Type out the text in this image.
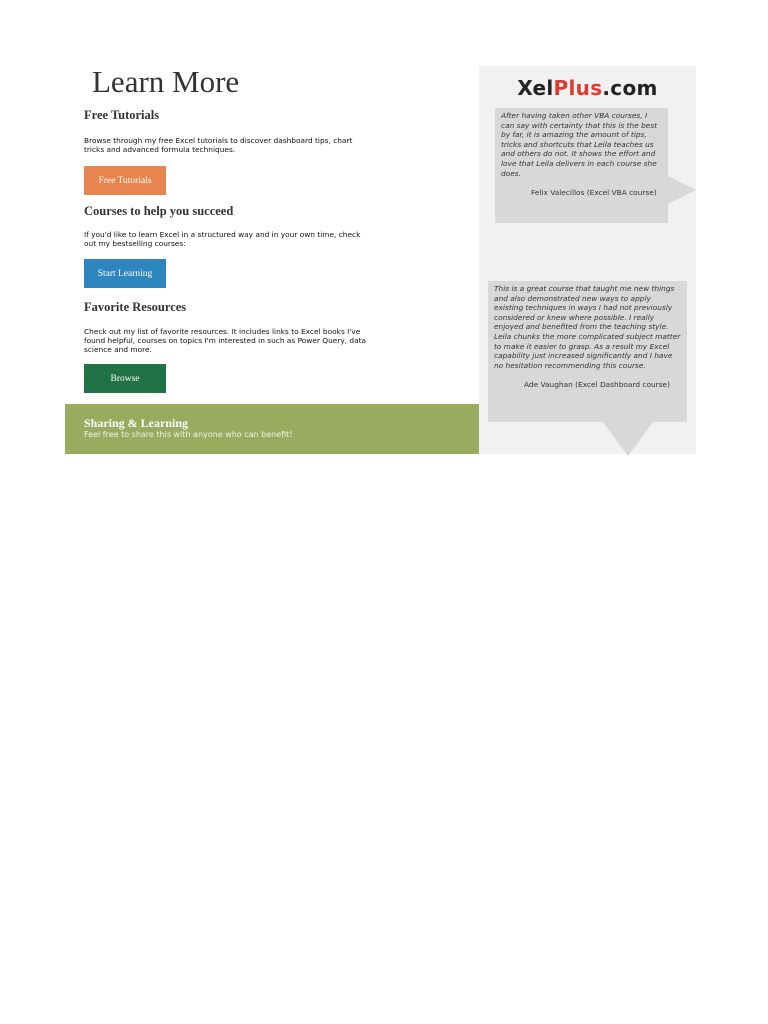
Learn More
Free Tutorials

Browse through my free Excel tutorials to discover dashboard tips, chart tricks and advanced formula techniques.

Free Tutorials
Courses to help you succeed

If you'd like to learn Excel in a structured way and in your own time, check out my bestselling courses:

Start Learning
Favorite Resources

Check out my list of favorite resources. It includes links to Excel books I've found helpful, courses on topics I'm interested in such as Power Query, data science and more.

Browse

Sharing & Learning

Feel free to share this with anyone who can benefit!

XelPlus.com

After having taken other VBA courses, I can say with certainty that this is the best by far, it is amazing the amount of tips, tricks and shortcuts that Leila teaches us and others do not. It shows the effort and love that Leila delivers in each course she does.

Felix Valecillos (Excel VBA course)

This is a great course that taught me new things and also demonstrated new ways to apply existing techniques in ways I had not previously considered or knew where possible. I really enjoyed and benefited from the teaching style. Leila chunks the more complicated subject matter to make it easier to grasp. As a result my Excel capability just increased significantly and I have no hesitation recommending this course.

Ade Vaughan (Excel Dashboard course)
